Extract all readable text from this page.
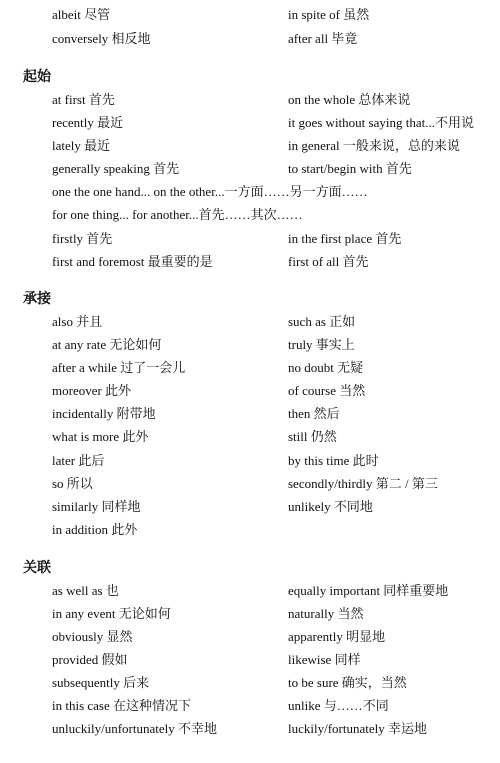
albeit 尽管	in spite of 虽然
conversely 相反地	after all 毕竟
起始
at first 首先	on the whole 总体来说
recently 最近	it goes without saying that...不用说
lately 最近	in general 一般来说，总的来说
generally speaking 首先	to start/begin with 首先
one the one hand... on the other...一方面……另一方面……
for one thing... for another...首先……其次……
firstly 首先	in the first place 首先
first and foremost 最重要的是	first of all 首先
承接
also 并且	such as 正如
at any rate 无论如何	truly 事实上
after a while 过了一会儿	no doubt 无疑
moreover 此外	of course 当然
incidentally 附带地	then 然后
what is more 此外	still 仍然
later 此后	by this time 此时
so 所以	secondly/thirdly 第二 / 第三
similarly 同样地	unlikely 不同地
in addition 此外
关联
as well as 也	equally important 同样重要地
in any event 无论如何	naturally 当然
obviously 显然	apparently 明显地
provided 假如	likewise 同样
subsequently 后来	to be sure 确实，当然
in this case 在这种情况下	unlike 与……不同
unluckily/unfortunately 不幸地	luckily/fortunately 幸运地
